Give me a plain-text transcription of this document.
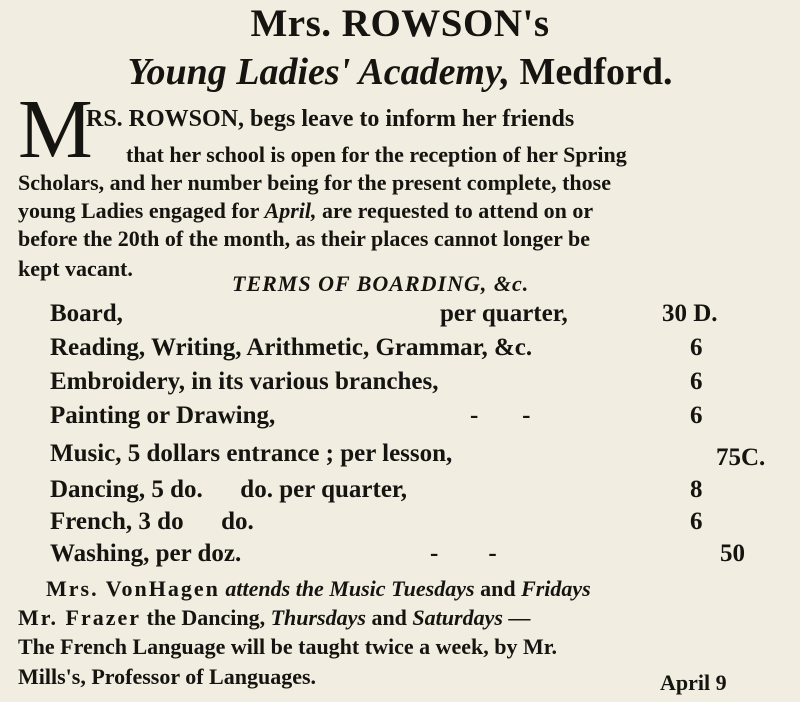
Mrs. ROWSON's
Young Ladies' Academy, Medford.
M
RS. ROWSON, begs leave to inform her friends
that her school is open for the reception of her Spring
Scholars, and her number being for the present complete, those
young Ladies engaged for April, are requested to attend on or
before the 20th of the month, as their places cannot longer be
kept vacant.
TERMS OF BOARDING, &c.
Board,	per quarter,	30 D.
Reading, Writing, Arithmetic, Grammar, &c.	6
Embroidery, in its various branches,	6
Painting or Drawing,	-       -	6
Music, 5 dollars entrance ; per lesson,	75C.
Dancing, 5 do.      do. per quarter,	8
French, 3 do      do.	6
Washing, per doz.	-        -	50
Mrs. VonHagen attends the Music Tuesdays and Fridays
Mr. Frazer the Dancing, Thursdays and Saturdays —
The French Language will be taught twice a week, by Mr.
Mills's, Professor of Languages.	April 9
